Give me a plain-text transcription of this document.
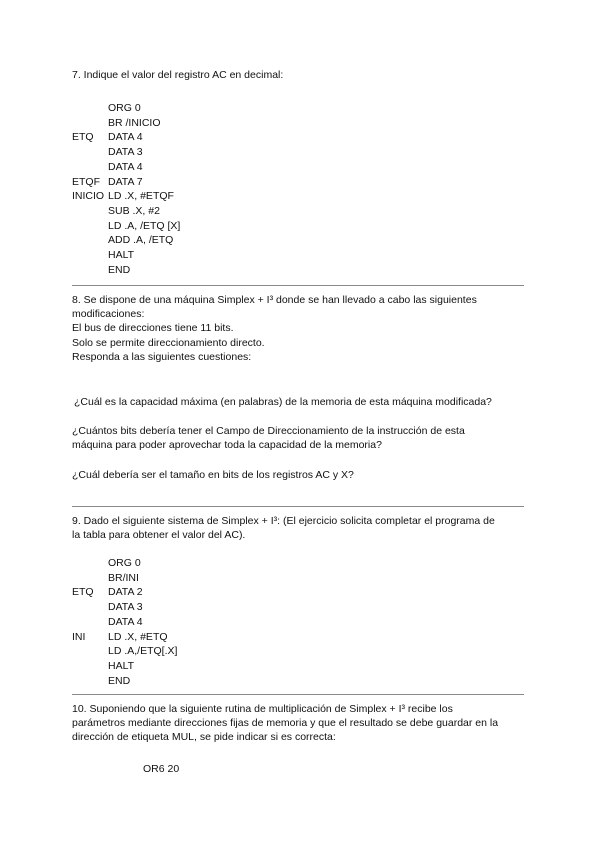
7. Indique el valor del registro AC en decimal:
ORG 0
BR /INICIO
ETQ DATA 4
DATA 3
DATA 4
ETQF DATA 7
INICIO LD .X, #ETQF
SUB .X, #2
LD .A, /ETQ [X]
ADD .A, /ETQ
HALT
END
8. Se dispone de una máquina Simplex + I³ donde se han llevado a cabo las siguientes
modificaciones:
El bus de direcciones tiene 11 bits.
Solo se permite direccionamiento directo.
Responda a las siguientes cuestiones:
¿Cuál es la capacidad máxima (en palabras) de la memoria de esta máquina modificada?
¿Cuántos bits debería tener el Campo de Direccionamiento de la instrucción de esta
máquina para poder aprovechar toda la capacidad de la memoria?
¿Cuál debería ser el tamaño en bits de los registros AC y X?
9. Dado el siguiente sistema de Simplex + I³: (El ejercicio solicita completar el programa de
la tabla para obtener el valor del AC).
ORG 0
BR/INI
ETQ DATA 2
DATA 3
DATA 4
INI LD .X, #ETQ
LD .A,/ETQ[.X]
HALT
END
10. Suponiendo que la siguiente rutina de multiplicación de Simplex + I³ recibe los
parámetros mediante direcciones fijas de memoria y que el resultado se debe guardar en la
dirección de etiqueta MUL, se pide indicar si es correcta:
OR6 20
